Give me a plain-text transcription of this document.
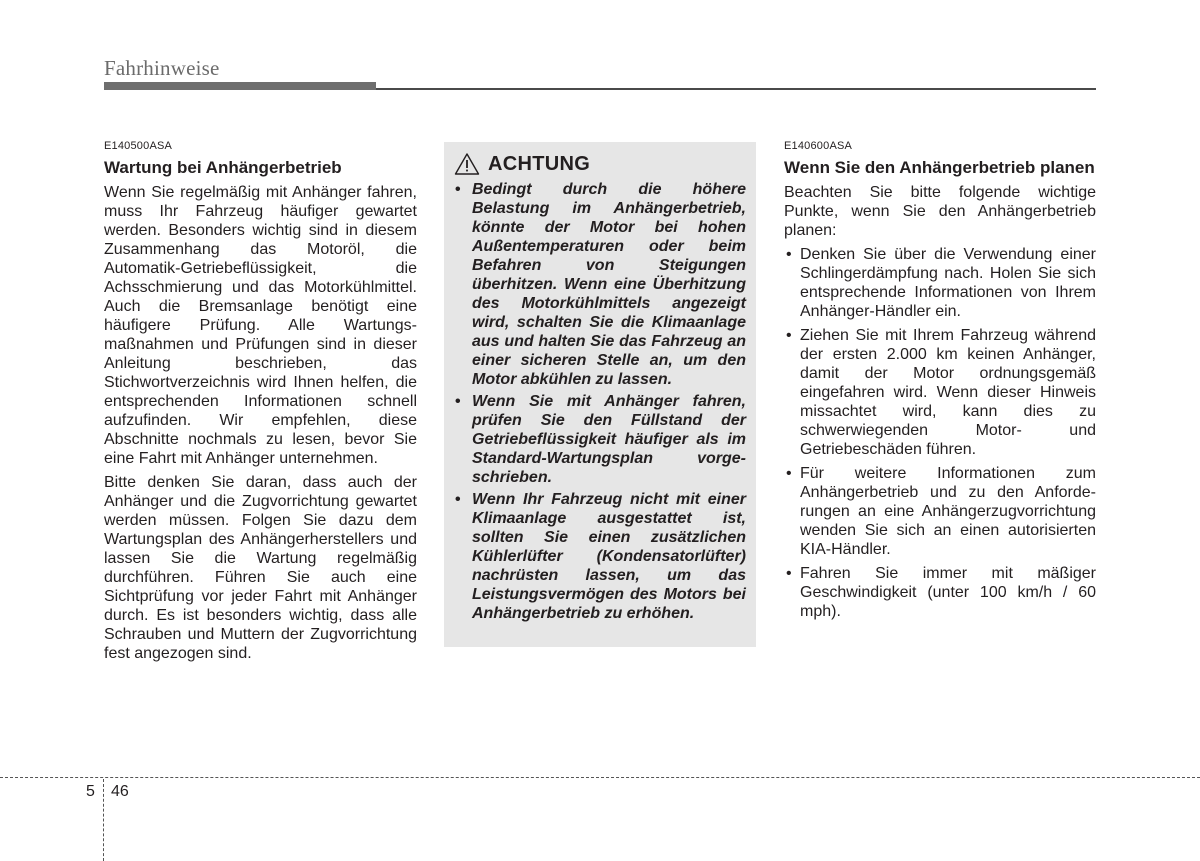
Fahrhinweise
E140500ASA
Wartung bei Anhängerbetrieb

Wenn Sie regelmäßig mit Anhänger fahren, muss Ihr Fahrzeug häufiger gewartet werden. Besonders wichtig sind in diesem Zusammenhang das Motoröl, die Automatik-Getriebeflüssigkeit, die Achsschmierung und das Motorkühlmittel. Auch die Bremsanlage benötigt eine häufigere Prüfung. Alle Wartungsmaßnahmen und Prüfungen sind in dieser Anleitung beschrieben, das Stichwortverzeichnis wird Ihnen helfen, die entsprechenden Informationen schnell aufzufinden. Wir empfehlen, diese Abschnitte nochmals zu lesen, bevor Sie eine Fahrt mit Anhänger unternehmen.

Bitte denken Sie daran, dass auch der Anhänger und die Zugvorrichtung gewartet werden müssen. Folgen Sie dazu dem Wartungsplan des Anhängerherstellers und lassen Sie die Wartung regelmäßig durchführen. Führen Sie auch eine Sichtprüfung vor jeder Fahrt mit Anhänger durch. Es ist besonders wichtig, dass alle Schrauben und Muttern der Zugvorrichtung fest angezogen sind.

ACHTUNG
• Bedingt durch die höhere Belastung im Anhängerbetrieb, könnte der Motor bei hohen Außentemperaturen oder beim Befahren von Steigungen überhitzen. Wenn eine Überhitzung des Motorkühlmittels angezeigt wird, schalten Sie die Klimaanlage aus und halten Sie das Fahrzeug an einer sicheren Stelle an, um den Motor abkühlen zu lassen.
• Wenn Sie mit Anhänger fahren, prüfen Sie den Füllstand der Getriebeflüssigkeit häufiger als im Standard-Wartungsplan vorgeschrieben.
• Wenn Ihr Fahrzeug nicht mit einer Klimaanlage ausgestattet ist, sollten Sie einen zusätzlichen Kühlerlüfter (Kondensatorlüfter) nachrüsten lassen, um das Leistungsvermögen des Motors bei Anhängerbetrieb zu erhöhen.
E140600ASA
Wenn Sie den Anhängerbetrieb planen

Beachten Sie bitte folgende wichtige Punkte, wenn Sie den Anhängerbetrieb planen:

• Denken Sie über die Verwendung einer Schlingerdämpfung nach. Holen Sie sich entsprechende Informationen von Ihrem Anhänger-Händler ein.
• Ziehen Sie mit Ihrem Fahrzeug während der ersten 2.000 km keinen Anhänger, damit der Motor ordnungsgemäß eingefahren wird. Wenn dieser Hinweis missachtet wird, kann dies zu schwerwiegenden Motor- und Getriebeschäden führen.
• Für weitere Informationen zum Anhängerbetrieb und zu den Anforderungen an eine Anhängerzugvorrichtung wenden Sie sich an einen autorisierten KIA-Händler.
• Fahren Sie immer mit mäßiger Geschwindigkeit (unter 100 km/h / 60 mph).
5 46
